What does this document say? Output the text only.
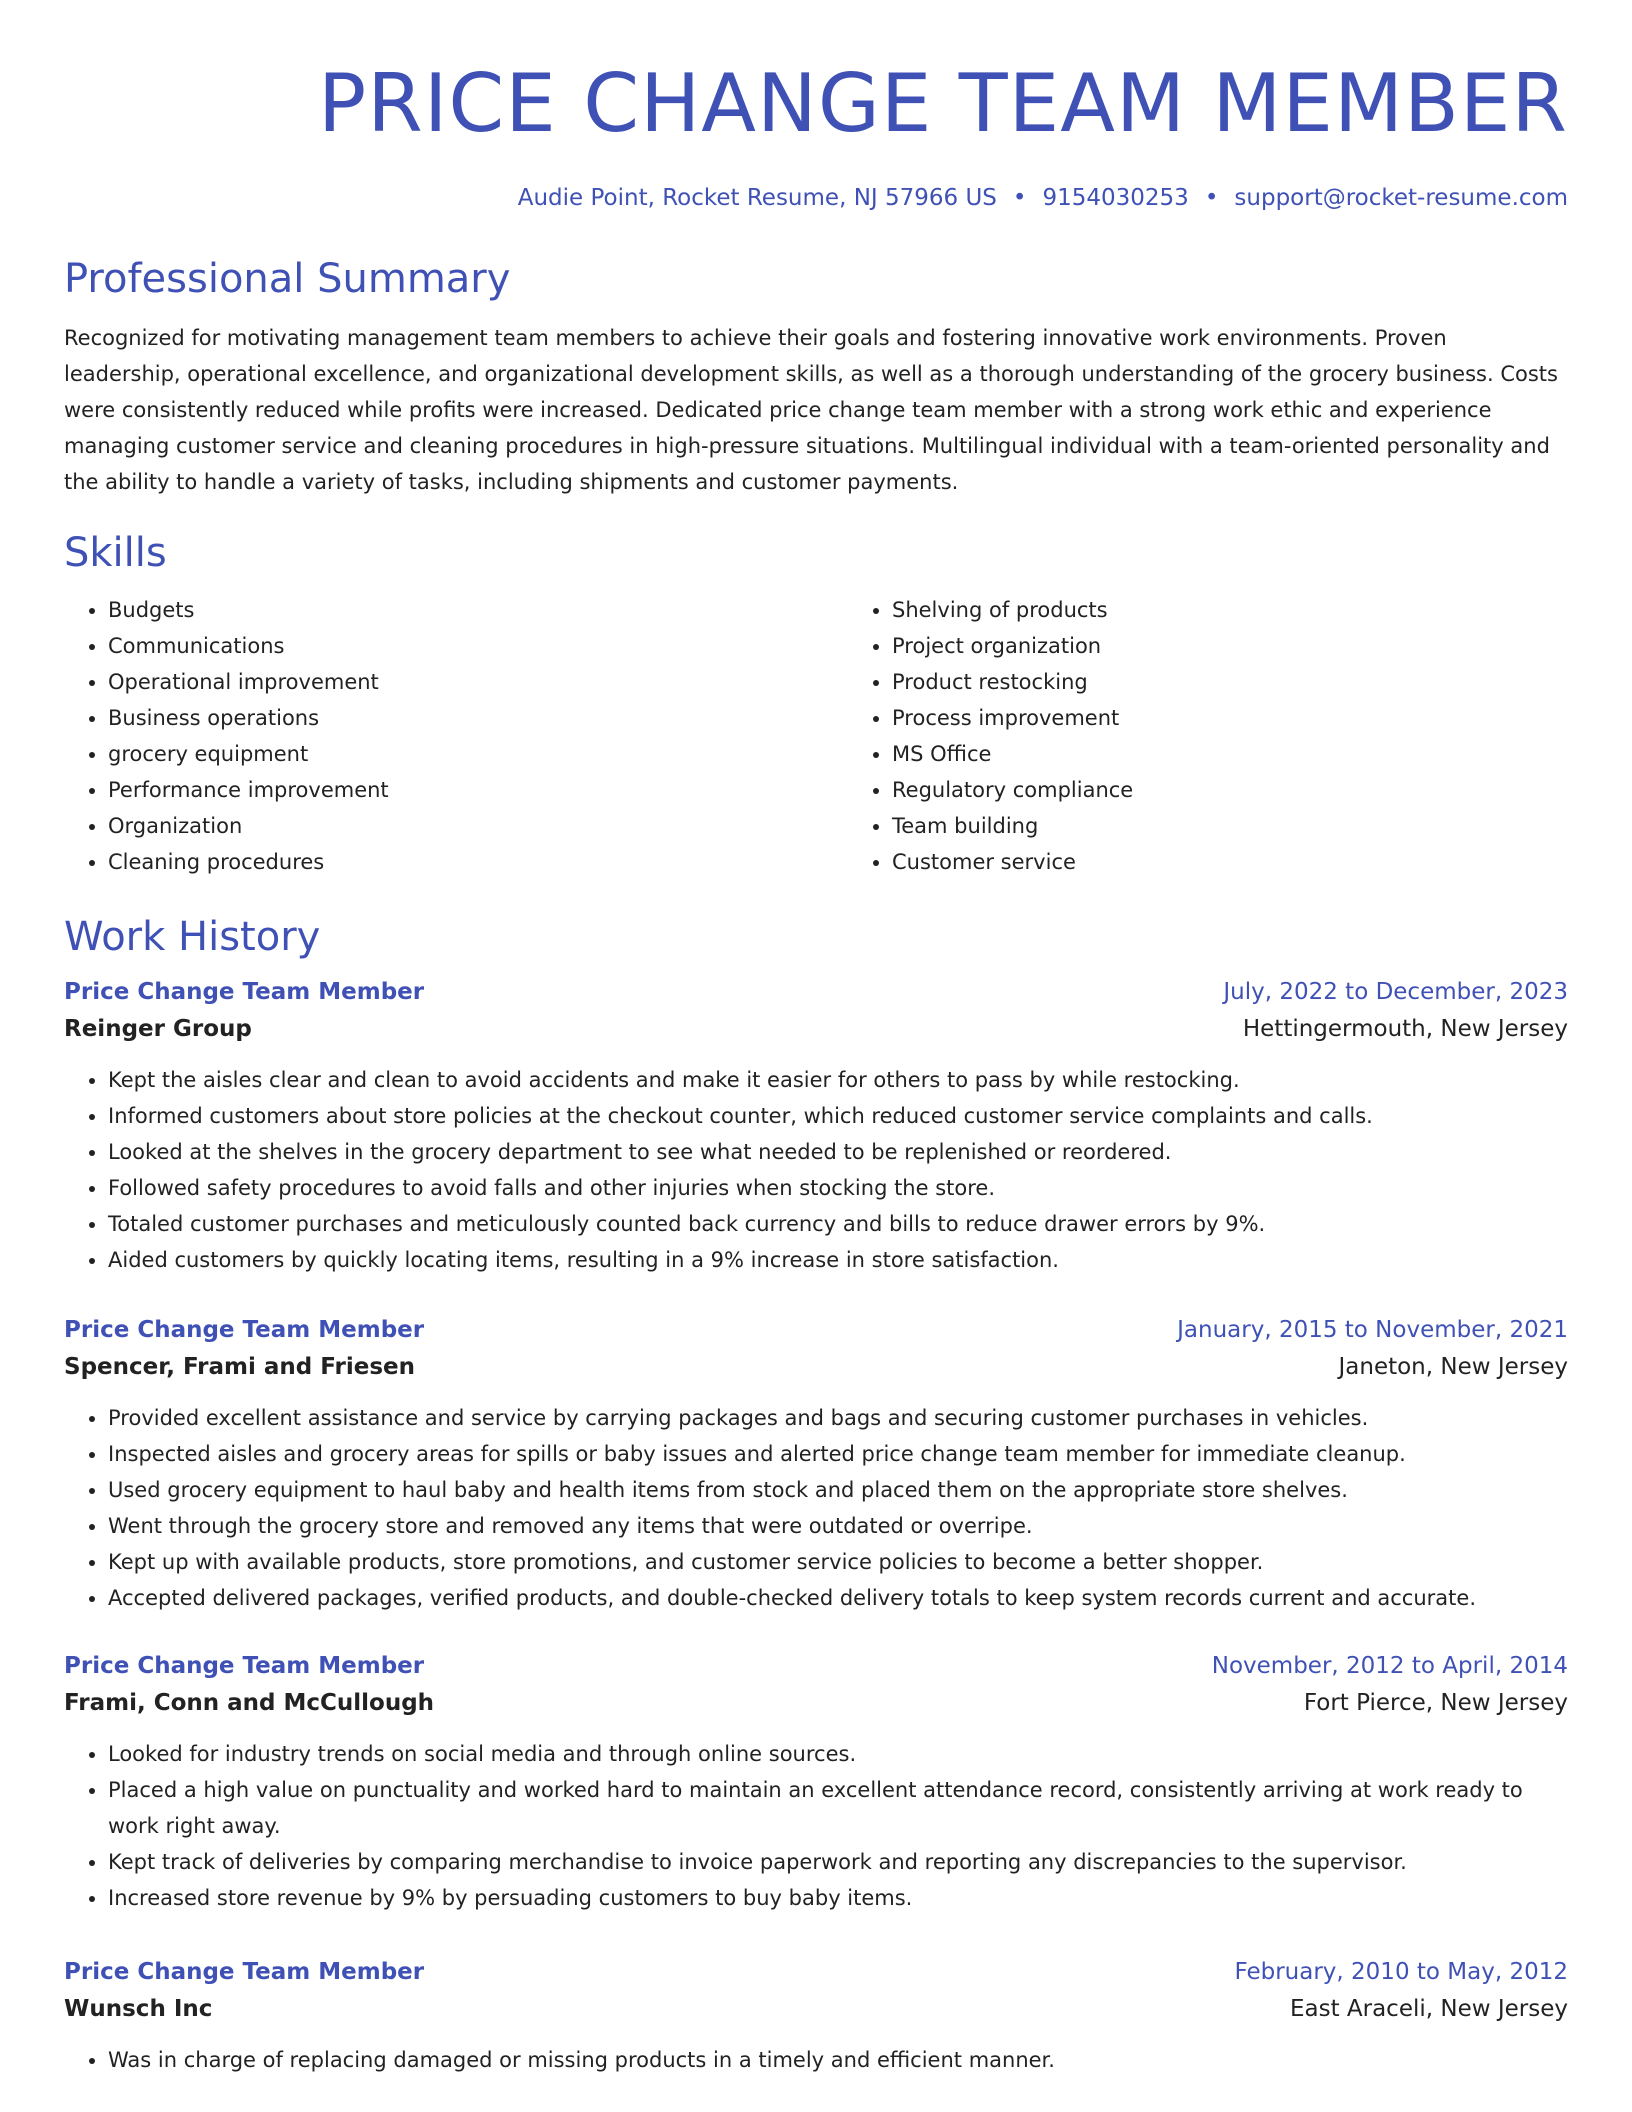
PRICE CHANGE TEAM MEMBER
Audie Point, Rocket Resume, NJ 57966 US • 9154030253 • support@rocket-resume.com
Professional Summary
Recognized for motivating management team members to achieve their goals and fostering innovative work environments. Proven leadership, operational excellence, and organizational development skills, as well as a thorough understanding of the grocery business. Costs were consistently reduced while profits were increased. Dedicated price change team member with a strong work ethic and experience managing customer service and cleaning procedures in high-pressure situations. Multilingual individual with a team-oriented personality and the ability to handle a variety of tasks, including shipments and customer payments.
Skills
• Budgets
• Communications
• Operational improvement
• Business operations
• grocery equipment
• Performance improvement
• Organization
• Cleaning procedures
• Shelving of products
• Project organization
• Product restocking
• Process improvement
• MS Office
• Regulatory compliance
• Team building
• Customer service
Work History
Price Change Team Member	July, 2022 to December, 2023
Reinger Group	Hettingermouth, New Jersey
• Kept the aisles clear and clean to avoid accidents and make it easier for others to pass by while restocking.
• Informed customers about store policies at the checkout counter, which reduced customer service complaints and calls.
• Looked at the shelves in the grocery department to see what needed to be replenished or reordered.
• Followed safety procedures to avoid falls and other injuries when stocking the store.
• Totaled customer purchases and meticulously counted back currency and bills to reduce drawer errors by 9%.
• Aided customers by quickly locating items, resulting in a 9% increase in store satisfaction.
Price Change Team Member	January, 2015 to November, 2021
Spencer, Frami and Friesen	Janeton, New Jersey
• Provided excellent assistance and service by carrying packages and bags and securing customer purchases in vehicles.
• Inspected aisles and grocery areas for spills or baby issues and alerted price change team member for immediate cleanup.
• Used grocery equipment to haul baby and health items from stock and placed them on the appropriate store shelves.
• Went through the grocery store and removed any items that were outdated or overripe.
• Kept up with available products, store promotions, and customer service policies to become a better shopper.
• Accepted delivered packages, verified products, and double-checked delivery totals to keep system records current and accurate.
Price Change Team Member	November, 2012 to April, 2014
Frami, Conn and McCullough	Fort Pierce, New Jersey
• Looked for industry trends on social media and through online sources.
• Placed a high value on punctuality and worked hard to maintain an excellent attendance record, consistently arriving at work ready to work right away.
• Kept track of deliveries by comparing merchandise to invoice paperwork and reporting any discrepancies to the supervisor.
• Increased store revenue by 9% by persuading customers to buy baby items.
Price Change Team Member	February, 2010 to May, 2012
Wunsch Inc	East Araceli, New Jersey
• Was in charge of replacing damaged or missing products in a timely and efficient manner.
